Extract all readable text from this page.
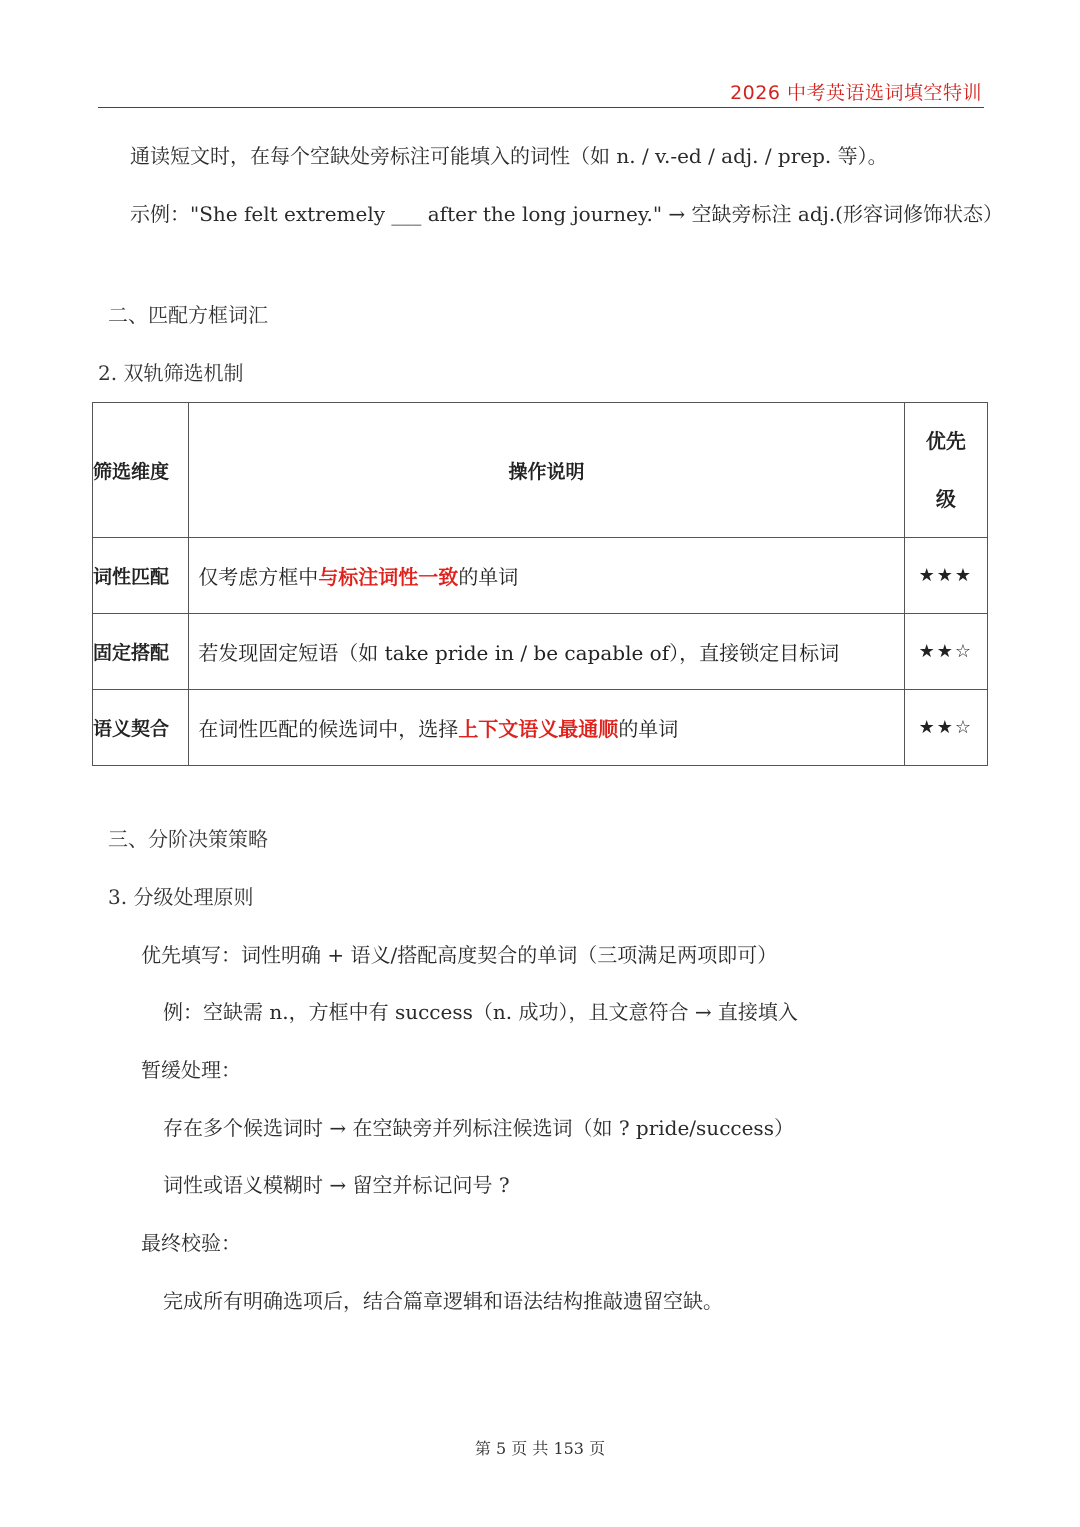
2026 中考英语选词填空特训
通读短文时，在每个空缺处旁标注可能填入的词性（如 n. / v.-ed / adj. / prep. 等）。
示例："She felt extremely ___ after the long journey." → 空缺旁标注 adj.(形容词修饰状态）
二、匹配方框词汇
2. 双轨筛选机制
筛选维度	操作说明	优先
级

词性匹配	仅考虑方框中与标注词性一致的单词	★★★
固定搭配	若发现固定短语（如 take pride in / be capable of），直接锁定目标词	★★☆
语义契合	在词性匹配的候选词中，选择上下文语义最通顺的单词	★★☆
三、分阶决策策略
3. 分级处理原则
优先填写：词性明确 + 语义/搭配高度契合的单词（三项满足两项即可）
例：空缺需 n.，方框中有 success（n. 成功），且文意符合 → 直接填入
暂缓处理：
存在多个候选词时 → 在空缺旁并列标注候选词（如 ? pride/success）
词性或语义模糊时 → 留空并标记问号 ?
最终校验：
完成所有明确选项后，结合篇章逻辑和语法结构推敲遗留空缺。
第 5 页 共 153 页
